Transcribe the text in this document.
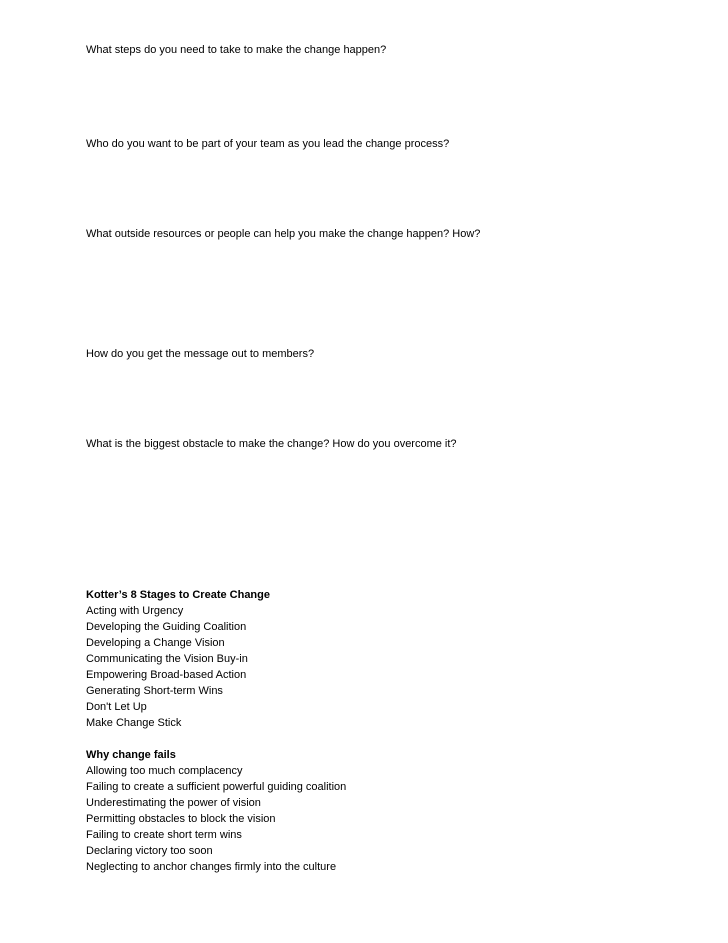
What steps do you need to take to make the change happen?

Who do you want to be part of your team as you lead the change process?

What outside resources or people can help you make the change happen? How?

How do you get the message out to members?

What is the biggest obstacle to make the change? How do you overcome it?

Kotter’s 8 Stages to Create Change
Acting with Urgency
Developing the Guiding Coalition
Developing a Change Vision
Communicating the Vision Buy-in
Empowering Broad-based Action
Generating Short-term Wins
Don't Let Up
Make Change Stick
Why change fails
Allowing too much complacency
Failing to create a sufficient powerful guiding coalition
Underestimating the power of vision
Permitting obstacles to block the vision
Failing to create short term wins
Declaring victory too soon
Neglecting to anchor changes firmly into the culture
